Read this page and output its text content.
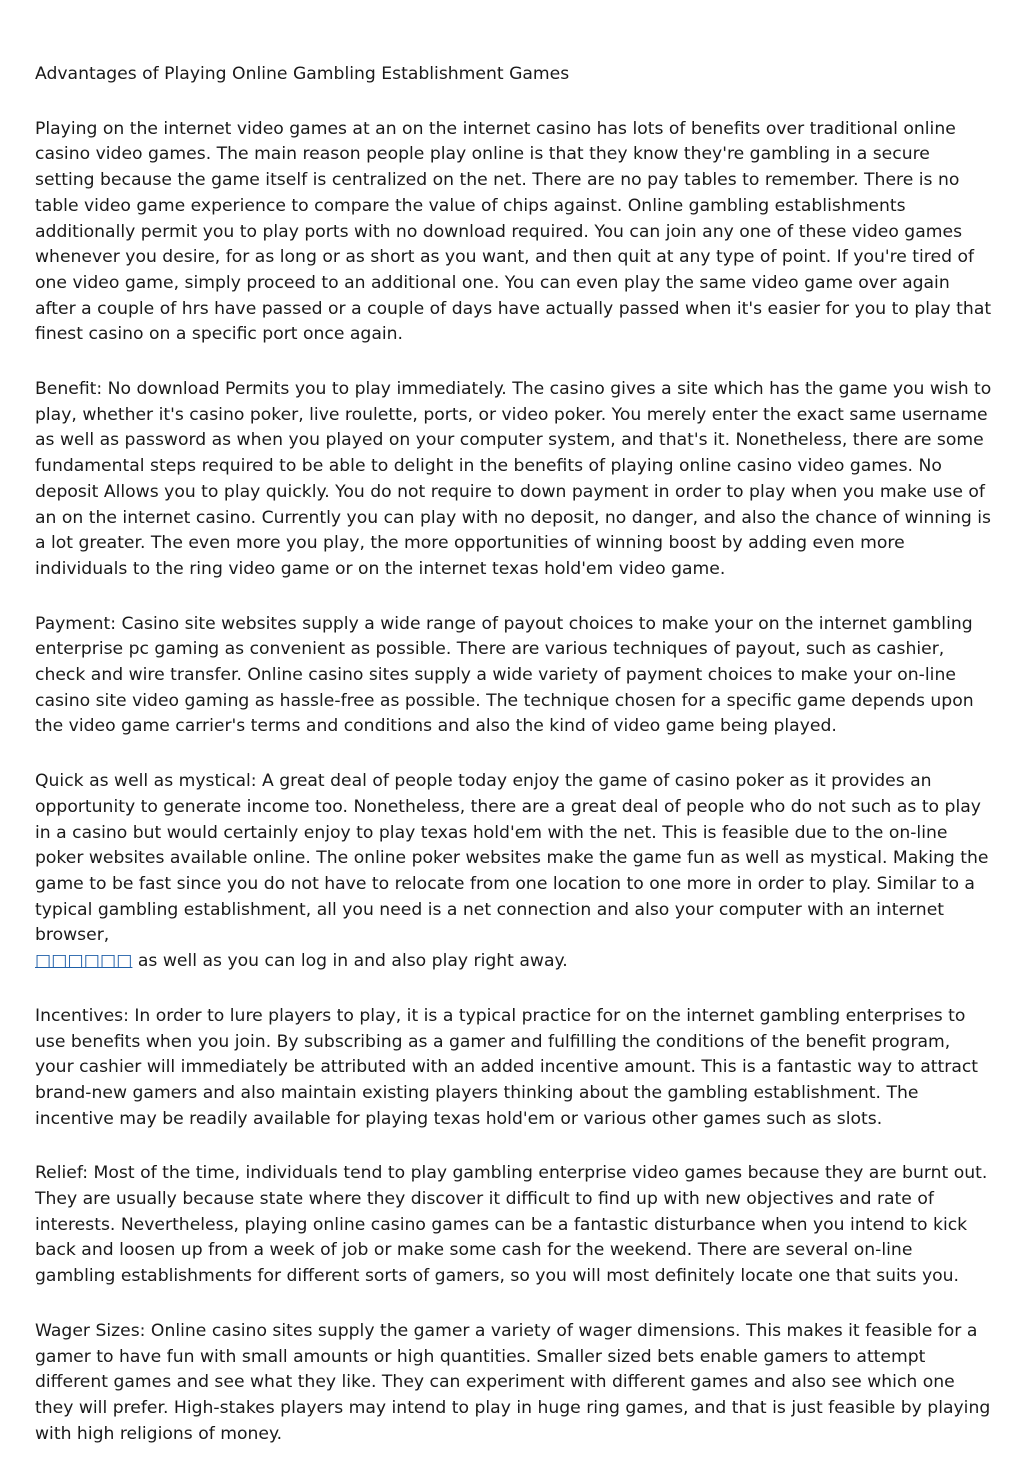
Advantages of Playing Online Gambling Establishment Games

Playing on the internet video games at an on the internet casino has lots of benefits over traditional online casino video games. The main reason people play online is that they know they're gambling in a secure setting because the game itself is centralized on the net. There are no pay tables to remember. There is no table video game experience to compare the value of chips against. Online gambling establishments additionally permit you to play ports with no download required. You can join any one of these video games whenever you desire, for as long or as short as you want, and then quit at any type of point. If you're tired of one video game, simply proceed to an additional one. You can even play the same video game over again after a couple of hrs have passed or a couple of days have actually passed when it's easier for you to play that finest casino on a specific port once again.

Benefit: No download Permits you to play immediately. The casino gives a site which has the game you wish to play, whether it's casino poker, live roulette, ports, or video poker. You merely enter the exact same username as well as password as when you played on your computer system, and that's it. Nonetheless, there are some fundamental steps required to be able to delight in the benefits of playing online casino video games. No deposit Allows you to play quickly. You do not require to down payment in order to play when you make use of an on the internet casino. Currently you can play with no deposit, no danger, and also the chance of winning is a lot greater. The even more you play, the more opportunities of winning boost by adding even more individuals to the ring video game or on the internet texas hold'em video game.

Payment: Casino site websites supply a wide range of payout choices to make your on the internet gambling enterprise pc gaming as convenient as possible. There are various techniques of payout, such as cashier, check and wire transfer. Online casino sites supply a wide variety of payment choices to make your on-line casino site video gaming as hassle-free as possible. The technique chosen for a specific game depends upon the video game carrier's terms and conditions and also the kind of video game being played.

Quick as well as mystical: A great deal of people today enjoy the game of casino poker as it provides an opportunity to generate income too. Nonetheless, there are a great deal of people who do not such as to play in a casino but would certainly enjoy to play texas hold'em with the net. This is feasible due to the on-line poker websites available online. The online poker websites make the game fun as well as mystical. Making the game to be fast since you do not have to relocate from one location to one more in order to play. Similar to a typical gambling establishment, all you need is a net connection and also your computer with an internet browser,
□□□□□□ as well as you can log in and also play right away.

Incentives: In order to lure players to play, it is a typical practice for on the internet gambling enterprises to use benefits when you join. By subscribing as a gamer and fulfilling the conditions of the benefit program, your cashier will immediately be attributed with an added incentive amount. This is a fantastic way to attract brand-new gamers and also maintain existing players thinking about the gambling establishment. The incentive may be readily available for playing texas hold'em or various other games such as slots.

Relief: Most of the time, individuals tend to play gambling enterprise video games because they are burnt out. They are usually because state where they discover it difficult to find up with new objectives and rate of interests. Nevertheless, playing online casino games can be a fantastic disturbance when you intend to kick back and loosen up from a week of job or make some cash for the weekend. There are several on-line gambling establishments for different sorts of gamers, so you will most definitely locate one that suits you.

Wager Sizes: Online casino sites supply the gamer a variety of wager dimensions. This makes it feasible for a gamer to have fun with small amounts or high quantities. Smaller sized bets enable gamers to attempt different games and see what they like. They can experiment with different games and also see which one they will prefer. High-stakes players may intend to play in huge ring games, and that is just feasible by playing with high religions of money.
